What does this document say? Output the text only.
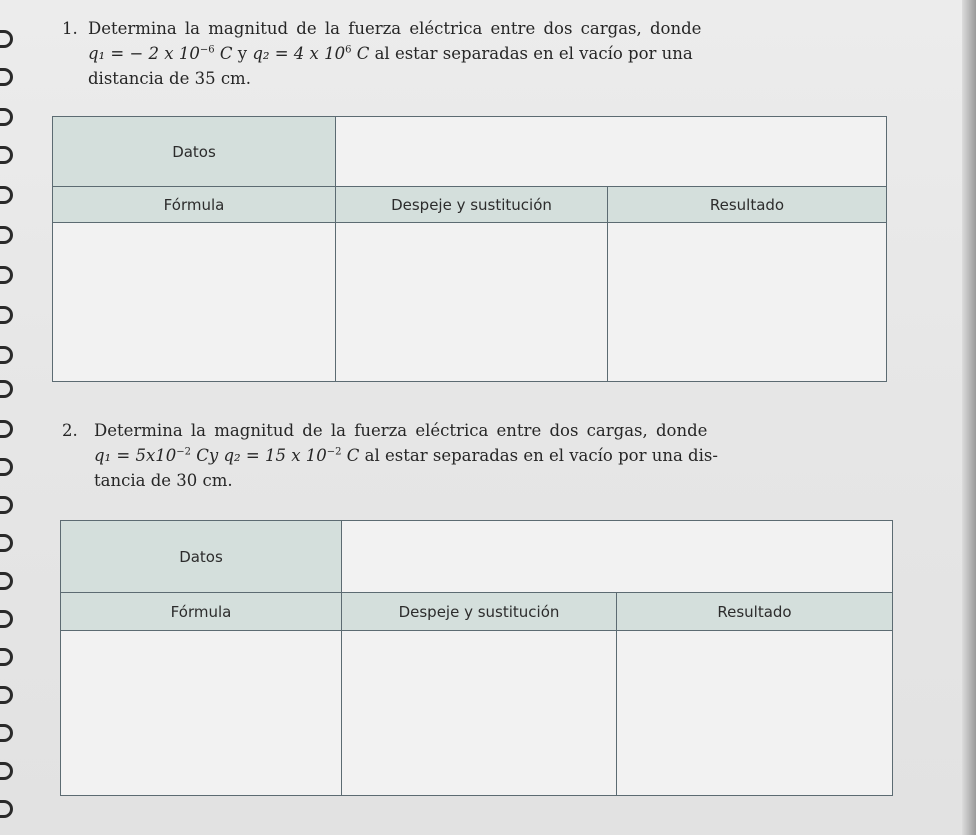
1. Determina la magnitud de la fuerza eléctrica entre dos cargas, donde
q₁ = − 2 x $10^{-6}$ C y q₂ = 4 x $10^6$ C al estar separadas en el vacío por una
distancia de 35 cm.
Datos		
Fórmula	Despeje y sustitución	Resultado

2. Determina la magnitud de la fuerza eléctrica entre dos cargas, donde
$q_1 = 5x10^{-2}$ Cy q₂ = 15 x $10^{-2}$ C al estar separadas en el vacío por una dis-
tancia de 30 cm.
Datos		
Fórmula	Despeje y sustitución	Resultado
